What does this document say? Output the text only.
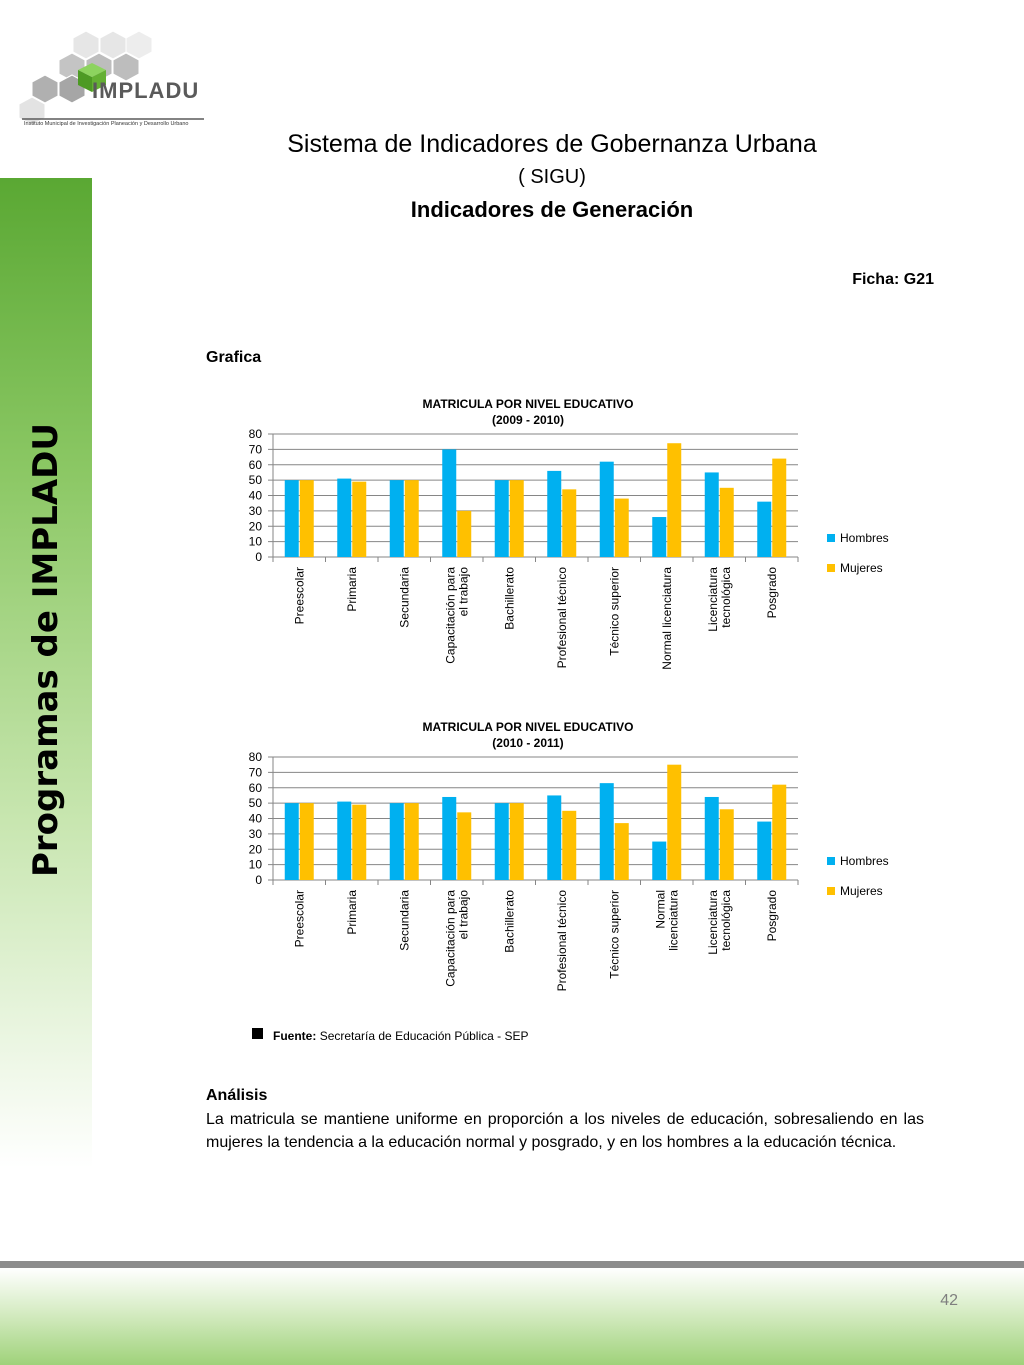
Programas de IMPLADU
IMPLADU
Instituto Municipal de Investigación Planeación y Desarrollo Urbano
Sistema de Indicadores de Gobernanza Urbana
( SIGU)
Indicadores de Generación
Ficha: G21
Grafica
MATRICULA POR NIVEL EDUCATIVO
(2009 - 2010)
0
10
20
30
40
50
60
70
80
Preescolar	Primaria	Secundaria	Capacitación para el trabajo	Bachillerato	Profesional técnico	Técnico superior	Normal licenciatura	Licenciatura tecnológica	Posgrado
Hombres
Mujeres
MATRICULA POR NIVEL EDUCATIVO
(2010 - 2011)
0
10
20
30
40
50
60
70
80
Preescolar	Primaria	Secundaria	Capacitación para el trabajo	Bachillerato	Profesional técnico	Técnico superior	Normal licenciatura Licenciatura tecnológica	Posgrado
Hombres
Mujeres
Fuente: Secretaría de Educación Pública - SEP
Análisis
La matricula se mantiene uniforme en proporción a los niveles de educación, sobresaliendo en las mujeres la tendencia a la educación normal y posgrado, y en los hombres a la educación técnica.
42
